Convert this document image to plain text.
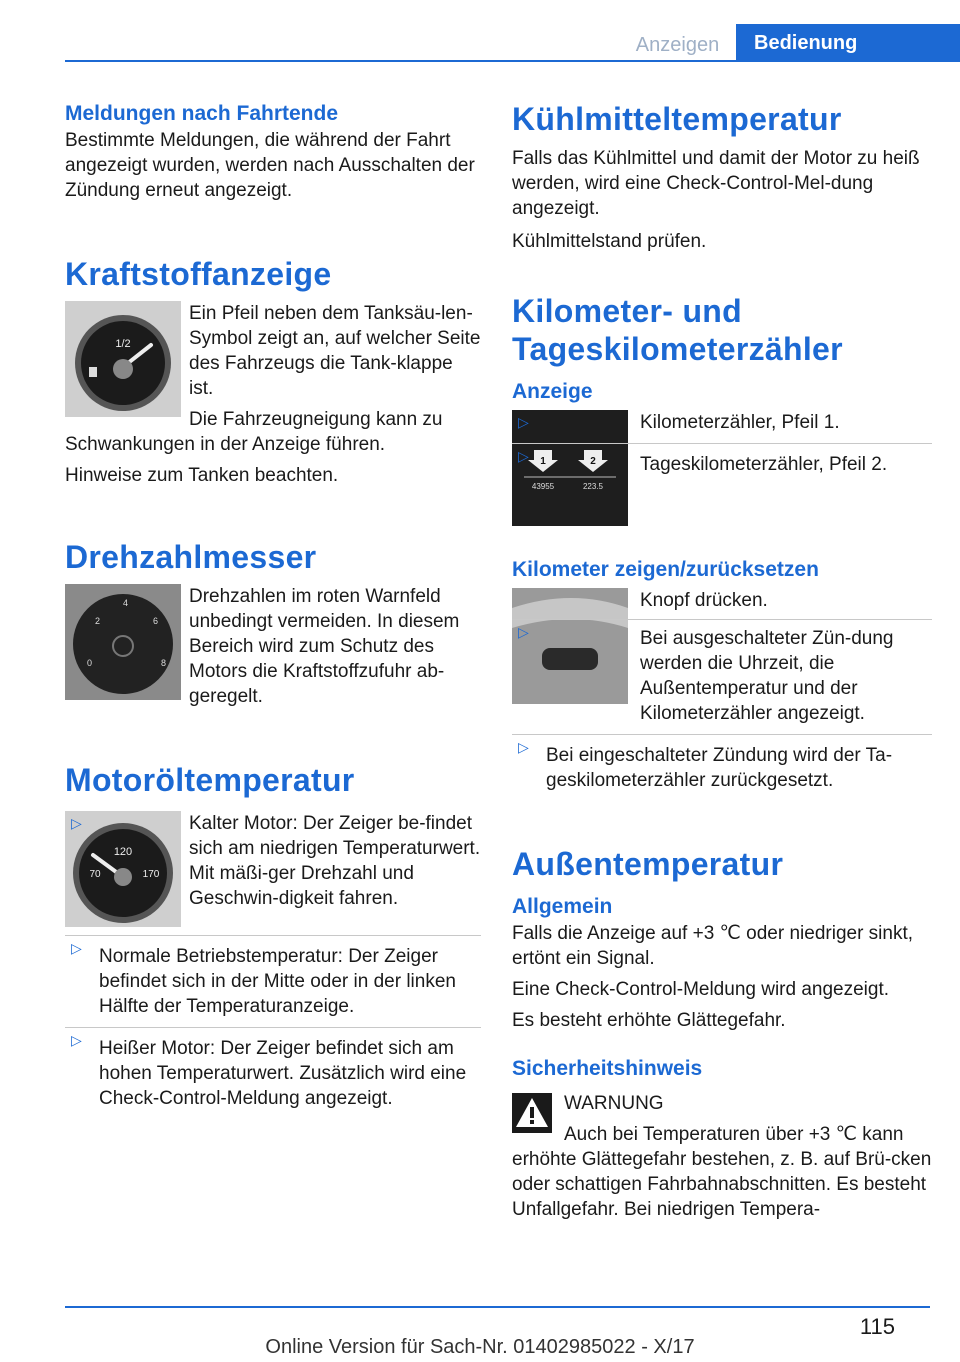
Anzeigen	Bedienung
Meldungen nach Fahrtende

Bestimmte Meldungen, die während der Fahrt angezeigt wurden, werden nach Ausschalten der Zündung erneut angezeigt.

Kraftstoffanzeige
1/2

Ein Pfeil neben dem Tanksäu-len-Symbol zeigt an, auf welcher Seite des Fahrzeugs die Tank-klappe ist.

Die Fahrzeugneigung kann zu Schwankungen in der Anzeige führen.

Hinweise zum Tanken beachten.

Drehzahlmesser
2
4
6
8
0

Drehzahlen im roten Warnfeld unbedingt vermeiden. In diesem Bereich wird zum Schutz des Motors die Kraftstoffzufuhr ab-geregelt.

Motoröltemperatur
120
70	170
▷ Kalter Motor: Der Zeiger be-findet sich am niedrigen Temperaturwert. Mit mäßi-ger Drehzahl und Geschwin-digkeit fahren.
▷ Normale Betriebstemperatur: Der Zeiger befindet sich in der Mitte oder in der linken Hälfte der Temperaturanzeige.
▷ Heißer Motor: Der Zeiger befindet sich am hohen Temperaturwert. Zusätzlich wird eine Check-Control-Meldung angezeigt.
Kühlmitteltemperatur

Falls das Kühlmittel und damit der Motor zu heiß werden, wird eine Check-Control-Mel-dung angezeigt.

Kühlmittelstand prüfen.

Kilometer- und Tageskilometerzähler
Anzeige
1	2
43955	223.5
▷ Kilometerzähler, Pfeil 1.
▷ Tageskilometerzähler, Pfeil 2.
Kilometer zeigen/zurücksetzen

Knopf drücken.

▷ Bei ausgeschalteter Zün-dung werden die Uhrzeit, die Außentemperatur und der Kilometerzähler angezeigt.
▷ Bei eingeschalteter Zündung wird der Ta-geskilometerzähler zurückgesetzt.
Außentemperatur
Allgemein

Falls die Anzeige auf +3 ℃ oder niedriger sinkt, ertönt ein Signal.

Eine Check-Control-Meldung wird angezeigt.

Es besteht erhöhte Glättegefahr.

Sicherheitshinweis

WARNUNG

Auch bei Temperaturen über +3 ℃ kann erhöhte Glättegefahr bestehen, z. B. auf Brü-cken oder schattigen Fahrbahnabschnitten. Es besteht Unfallgefahr. Bei niedrigen Tempera-

115
Online Version für Sach-Nr. 01402985022 - X/17
